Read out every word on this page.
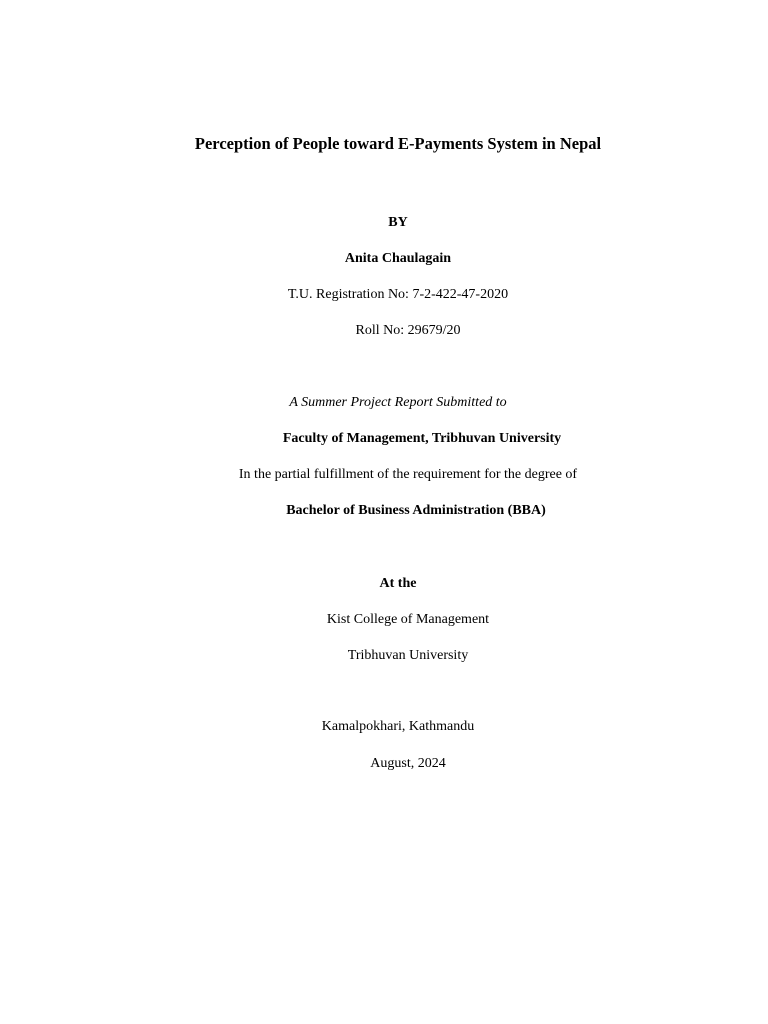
Perception of People toward E-Payments System in Nepal
BY
Anita Chaulagain
T.U. Registration No: 7-2-422-47-2020
Roll No: 29679/20
A Summer Project Report Submitted to
Faculty of Management, Tribhuvan University
In the partial fulfillment of the requirement for the degree of
Bachelor of Business Administration (BBA)
At the
Kist College of Management
Tribhuvan University
Kamalpokhari, Kathmandu
August, 2024
